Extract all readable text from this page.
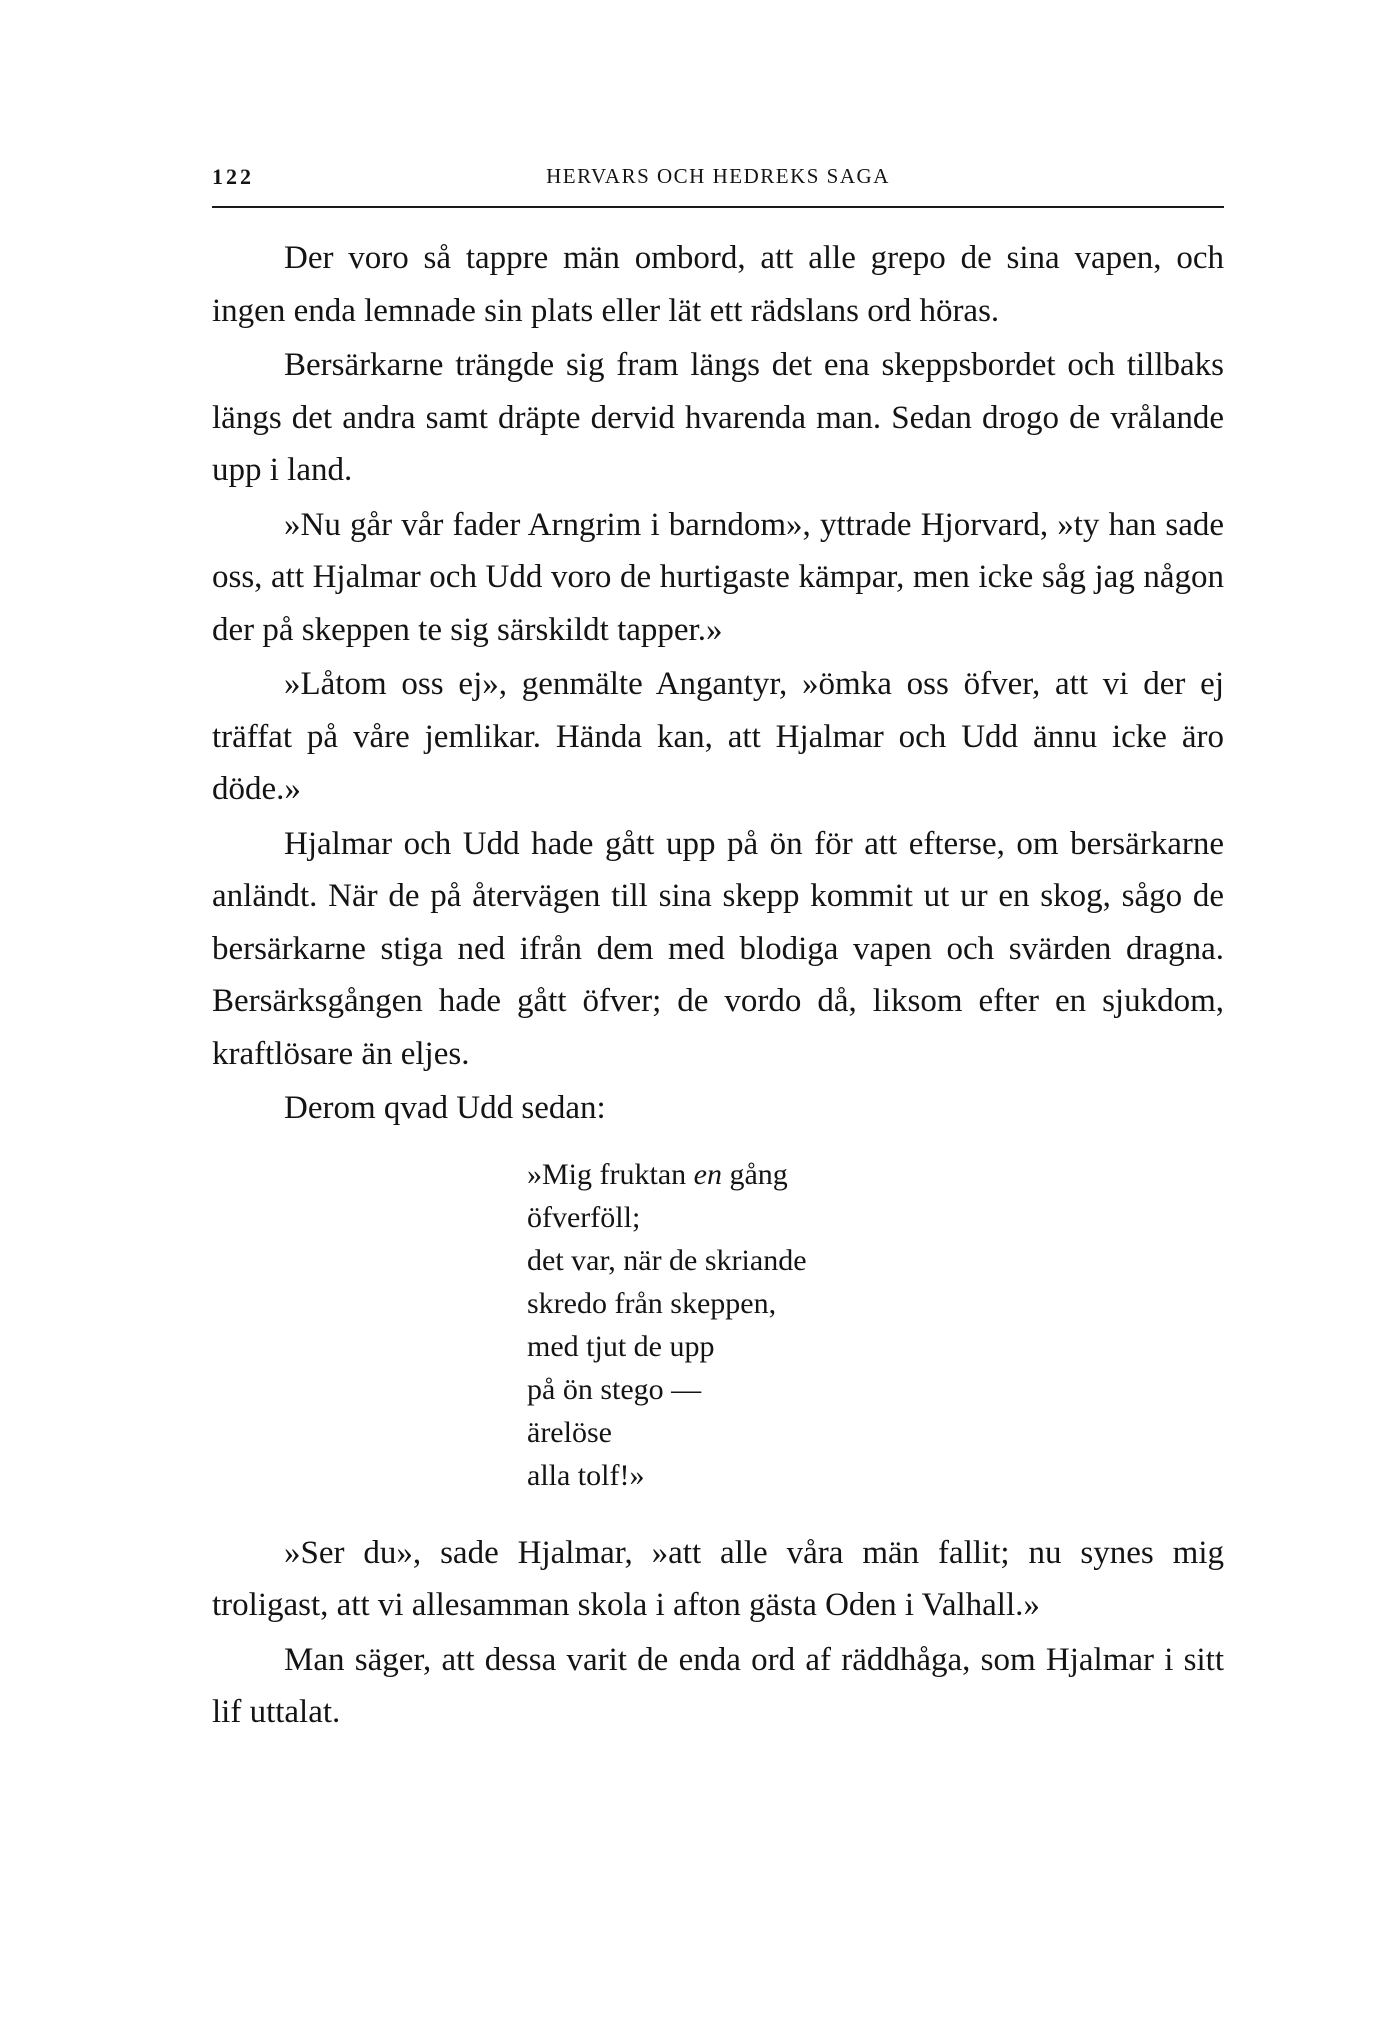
122	HERVARS OCH HEDREKS SAGA

Der voro så tappre män ombord, att alle grepo de sina vapen, och ingen enda lemnade sin plats eller lät ett rädslans ord höras.

Bersärkarne trängde sig fram längs det ena skeppsbordet och tillbaks längs det andra samt dräpte dervid hvarenda man. Sedan drogo de vrålande upp i land.

»Nu går vår fader Arngrim i barndom», yttrade Hjorvard, »ty han sade oss, att Hjalmar och Udd voro de hurtigaste kämpar, men icke såg jag någon der på skeppen te sig särskildt tapper.»

»Låtom oss ej», genmälte Angantyr, »ömka oss öfver, att vi der ej träffat på våre jemlikar. Hända kan, att Hjalmar och Udd ännu icke äro döde.»

Hjalmar och Udd hade gått upp på ön för att efterse, om bersärkarne anländt. När de på återvägen till sina skepp kommit ut ur en skog, sågo de bersärkarne stiga ned ifrån dem med blodiga vapen och svärden dragna. Bersärksgången hade gått öfver; de vordo då, liksom efter en sjukdom, kraftlösare än eljes.

Derom qvad Udd sedan:

»Mig fruktan en gång
öfverföll;
det var, när de skriande
skredo från skeppen,
med tjut de upp
på ön stego —
ärelöse
alla tolf!»

»Ser du», sade Hjalmar, »att alle våra män fallit; nu synes mig troligast, att vi allesamman skola i afton gästa Oden i Valhall.»

Man säger, att dessa varit de enda ord af räddhåga, som Hjalmar i sitt lif uttalat.
